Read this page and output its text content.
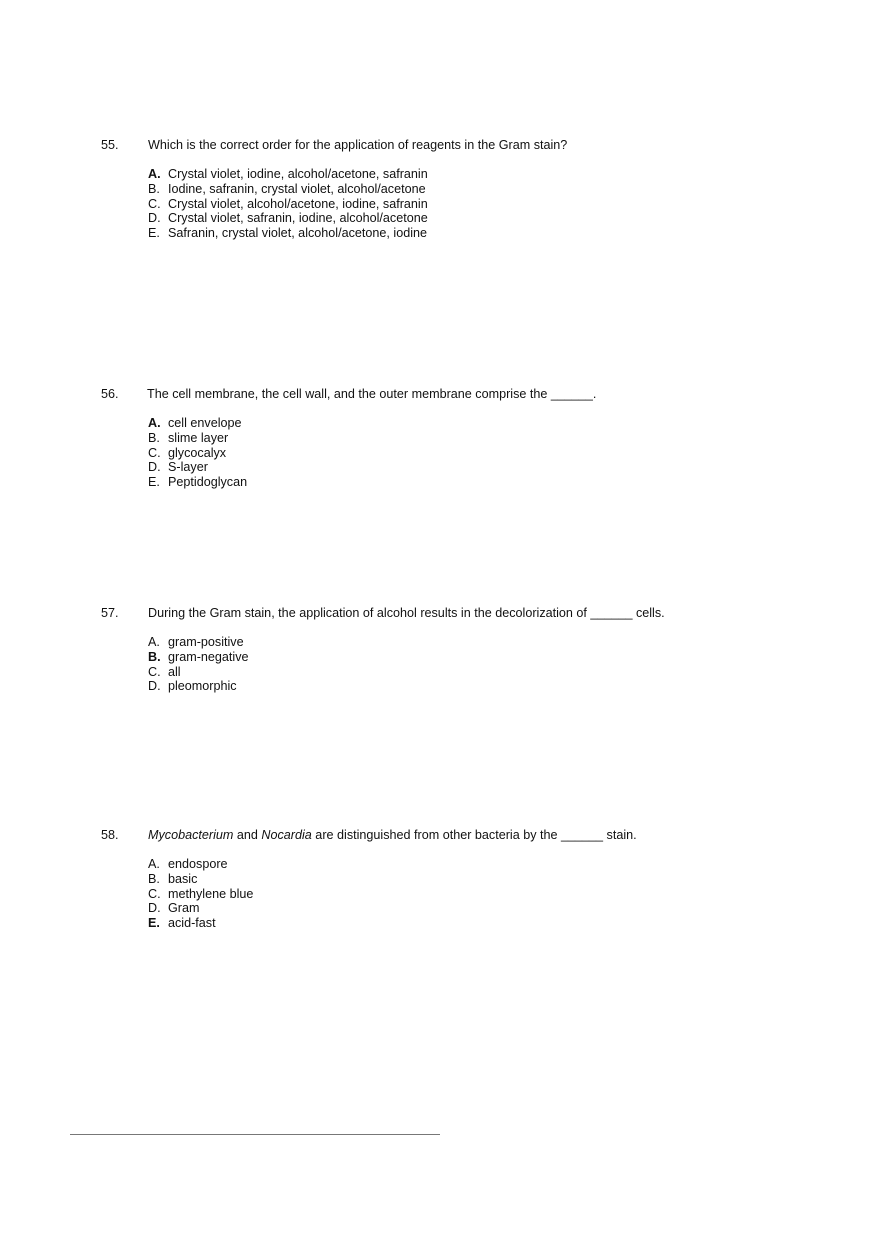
55. Which is the correct order for the application of reagents in the Gram stain?
A. Crystal violet, iodine, alcohol/acetone, safranin
B. Iodine, safranin, crystal violet, alcohol/acetone
C. Crystal violet, alcohol/acetone, iodine, safranin
D. Crystal violet, safranin, iodine, alcohol/acetone
E. Safranin, crystal violet, alcohol/acetone, iodine
56. The cell membrane, the cell wall, and the outer membrane comprise the ______.
A. cell envelope
B. slime layer
C. glycocalyx
D. S-layer
E. Peptidoglycan
57. During the Gram stain, the application of alcohol results in the decolorization of ______ cells.
A. gram-positive
B. gram-negative
C. all
D. pleomorphic
58. Mycobacterium and Nocardia are distinguished from other bacteria by the ______ stain.
A. endospore
B. basic
C. methylene blue
D. Gram
E. acid-fast
